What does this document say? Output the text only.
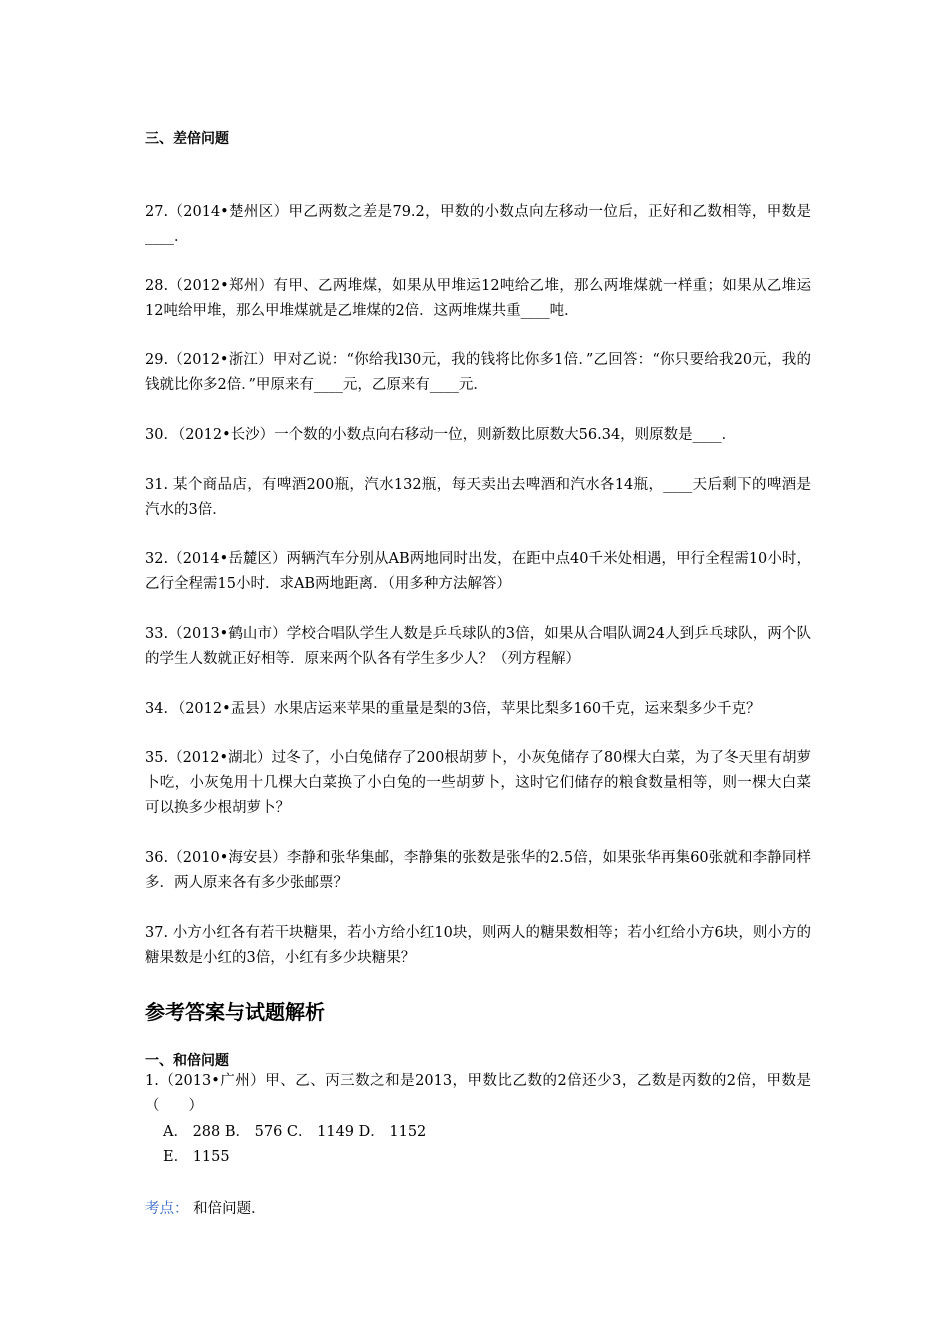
三、差倍问题
27.（2014•楚州区）甲乙两数之差是79.2，甲数的小数点向左移动一位后，正好和乙数相等，甲数是____．
28.（2012•郑州）有甲、乙两堆煤，如果从甲堆运12吨给乙堆，那么两堆煤就一样重；如果从乙堆运12吨给甲堆，那么甲堆煤就是乙堆煤的2倍．这两堆煤共重____吨．
29.（2012•浙江）甲对乙说：“你给我l30元，我的钱将比你多1倍．”乙回答：“你只要给我20元，我的钱就比你多2倍．”甲原来有____元，乙原来有____元．
30．（2012•长沙）一个数的小数点向右移动一位，则新数比原数大56.34，则原数是____．
31. 某个商品店，有啤酒200瓶，汽水132瓶，每天卖出去啤酒和汽水各14瓶，____天后剩下的啤酒是汽水的3倍．
32.（2014•岳麓区）两辆汽车分别从AB两地同时出发，在距中点40千米处相遇，甲行全程需10小时，乙行全程需15小时．求AB两地距离．（用多种方法解答）
33.（2013•鹤山市）学校合唱队学生人数是乒乓球队的3倍，如果从合唱队调24人到乒乓球队，两个队的学生人数就正好相等．原来两个队各有学生多少人？（列方程解）
34．（2012•盂县）水果店运来苹果的重量是梨的3倍，苹果比梨多160千克，运来梨多少千克？
35.（2012•湖北）过冬了，小白兔储存了200根胡萝卜，小灰兔储存了80棵大白菜，为了冬天里有胡萝卜吃，小灰兔用十几棵大白菜换了小白兔的一些胡萝卜，这时它们储存的粮食数量相等，则一棵大白菜可以换多少根胡萝卜？
36.（2010•海安县）李静和张华集邮，李静集的张数是张华的2.5倍，如果张华再集60张就和李静同样多．两人原来各有多少张邮票？
37. 小方小红各有若干块糖果，若小方给小红10块，则两人的糖果数相等；若小红给小方6块，则小方的糖果数是小红的3倍，小红有多少块糖果？
参考答案与试题解析
一、和倍问题
1.（2013•广州）甲、乙、丙三数之和是2013，甲数比乙数的2倍还少3，乙数是丙数的2倍，甲数是（　　）
A． 288 B． 576 C． 1149 D． 1152
E． 1155
考点： 和倍问题．
